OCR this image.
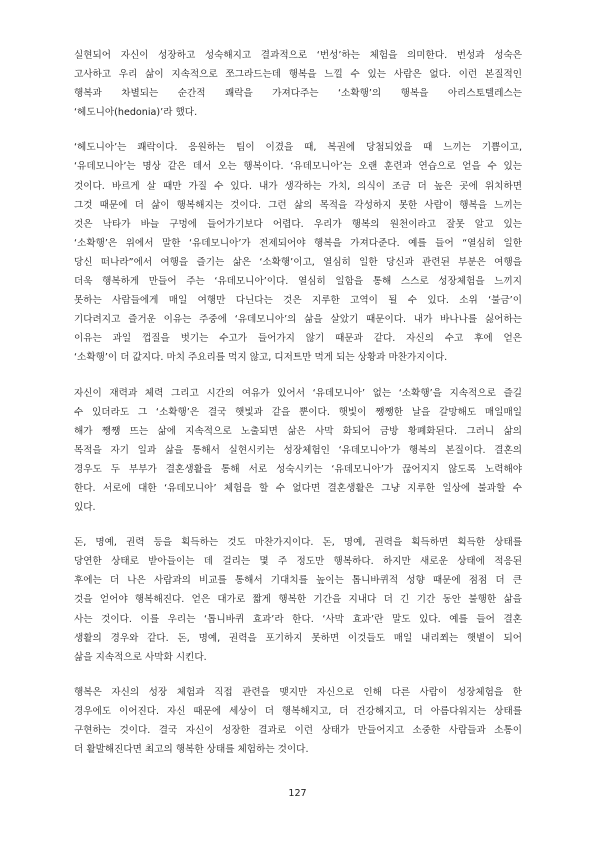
실현되어 자신이 성장하고 성숙해지고 결과적으로 ‘번성’하는 체험을 의미한다. 번성과 성숙은
고사하고 우리 삶이 지속적으로 쪼그라드는데 행복을 느낄 수 있는 사람은 없다. 이런 본질적인
행복과 차별되는 순간적 쾌락을 가져다주는 ‘소확행’의 행복을 아리스토텔레스는
‘헤도니아(hedonia)’라 했다.
‘헤도니아’는 쾌락이다. 응원하는 팀이 이겼을 때, 복권에 당첨되었을 때 느끼는 기쁨이고,
‘유데모니아’는 명상 같은 데서 오는 행복이다. ‘유데모니아’는 오랜 훈련과 연습으로 얻을 수 있는
것이다. 바르게 살 때만 가질 수 있다. 내가 생각하는 가치, 의식이 조금 더 높은 곳에 위치하면
그것 때문에 더 삶이 행복해지는 것이다. 그런 삶의 목적을 각성하지 못한 사람이 행복을 느끼는
것은 낙타가 바늘 구멍에 들어가기보다 어렵다. 우리가 행복의 원천이라고 잘못 알고 있는
‘소확행’은 위에서 말한 ‘유데모니아’가 전제되어야 행복을 가져다준다. 예를 들어 “열심히 일한
당신 떠나라”에서 여행을 즐기는 삶은 ‘소확행’이고, 열심히 일한 당신과 관련된 부분은 여행을
더욱 행복하게 만들어 주는 ‘유데모니아’이다. 열심히 일함을 통해 스스로 성장체험을 느끼지
못하는 사람들에게 매일 여행만 다닌다는 것은 지루한 고역이 될 수 있다. 소위 ‘불금’이
기다려지고 즐거운 이유는 주중에 ‘유데모니아’의 삶을 살았기 때문이다. 내가 바나나를 싫어하는
이유는 과일 껍질을 벗기는 수고가 들어가지 않기 때문과 같다. 자신의 수고 후에 얻은
‘소확행’이 더 값지다. 마치 주요리를 먹지 않고, 디저트만 먹게 되는 상황과 마찬가지이다.
자신이 재력과 체력 그리고 시간의 여유가 있어서 ‘유데모니아’ 없는 ‘소확행’을 지속적으로 즐길
수 있더라도 그 ‘소확행’은 결국 햇빛과 같을 뿐이다. 햇빛이 쨍쨍한 날을 갈망해도 매일매일
해가 쨍쨍 뜨는 삶에 지속적으로 노출되면 삶은 사막 화되어 금방 황폐화된다. 그러니 삶의
목적을 자기 일과 삶을 통해서 실현시키는 성장체험인 ‘유데모니아’가 행복의 본질이다. 결혼의
경우도 두 부부가 결혼생활을 통해 서로 성숙시키는 ‘유데모니아’가 끊어지지 않도록 노력해야
한다. 서로에 대한 ‘유데모니아’ 체험을 할 수 없다면 결혼생활은 그냥 지루한 일상에 불과할 수
있다.
돈, 명예, 권력 등을 획득하는 것도 마찬가지이다. 돈, 명예, 권력을 획득하면 획득한 상태를
당연한 상태로 받아들이는 데 걸리는 몇 주 정도만 행복하다. 하지만 새로운 상태에 적응된
후에는 더 나은 사람과의 비교를 통해서 기대치를 높이는 톱니바퀴적 성향 때문에 점점 더 큰
것을 얻어야 행복해진다. 얻은 대가로 짧게 행복한 기간을 지내다 더 긴 기간 동안 불행한 삶을
사는 것이다. 이를 우리는 ‘톱니바퀴 효과’라 한다. ‘사막 효과’란 말도 있다. 예를 들어 결혼
생활의 경우와 같다. 돈, 명예, 권력을 포기하지 못하면 이것들도 매일 내리쬐는 햇볕이 되어
삶을 지속적으로 사막화 시킨다.
행복은 자신의 성장 체험과 직접 관련을 맺지만 자신으로 인해 다른 사람이 성장체험을 한
경우에도 이어진다. 자신 때문에 세상이 더 행복해지고, 더 건강해지고, 더 아름다워지는 상태를
구현하는 것이다. 결국 자신이 성장한 결과로 이런 상태가 만들어지고 소중한 사람들과 소통이
더 활발해진다면 최고의 행복한 상태를 체험하는 것이다.
127
